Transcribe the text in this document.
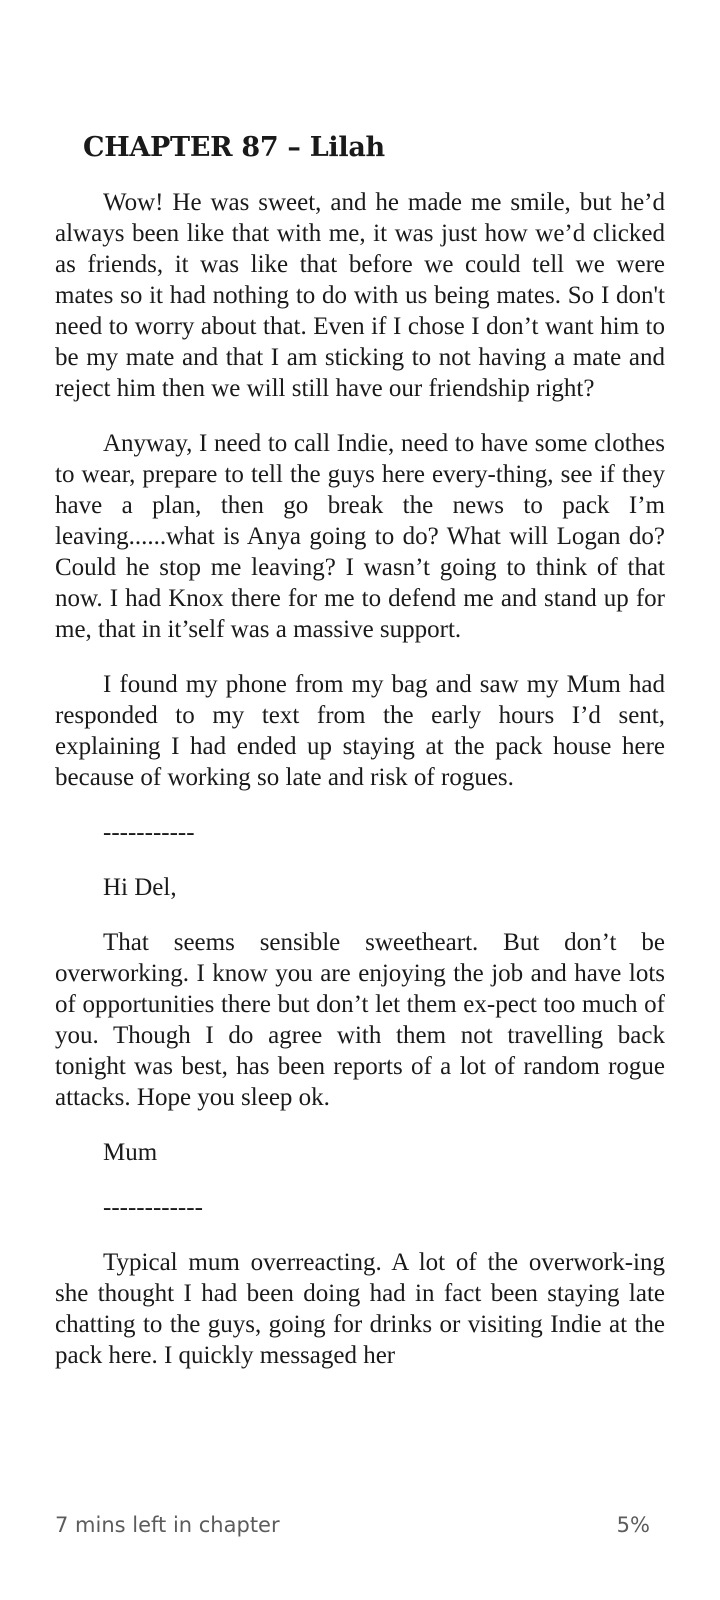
CHAPTER 87 – Lilah

Wow! He was sweet, and he made me smile, but he’d always been like that with me, it was just how we’d clicked as friends, it was like that before we could tell we were mates so it had nothing to do with us being mates. So I don't need to worry about that. Even if I chose I don’t want him to be my mate and that I am sticking to not having a mate and reject him then we will still have our friendship right?

Anyway, I need to call Indie, need to have some clothes to wear, prepare to tell the guys here every-thing, see if they have a plan, then go break the news to pack I’m leaving......what is Anya going to do? What will Logan do? Could he stop me leaving? I wasn’t going to think of that now. I had Knox there for me to defend me and stand up for me, that in it’self was a massive support.

I found my phone from my bag and saw my Mum had responded to my text from the early hours I’d sent, explaining I had ended up staying at the pack house here because of working so late and risk of rogues.

-----------

Hi Del,

That seems sensible sweetheart. But don’t be overworking. I know you are enjoying the job and have lots of opportunities there but don’t let them ex-pect too much of you. Though I do agree with them not travelling back tonight was best, has been reports of a lot of random rogue attacks. Hope you sleep ok.

Mum

------------

Typical mum overreacting. A lot of the overwork-ing she thought I had been doing had in fact been staying late chatting to the guys, going for drinks or visiting Indie at the pack here. I quickly messaged her

7 mins left in chapter	5%
